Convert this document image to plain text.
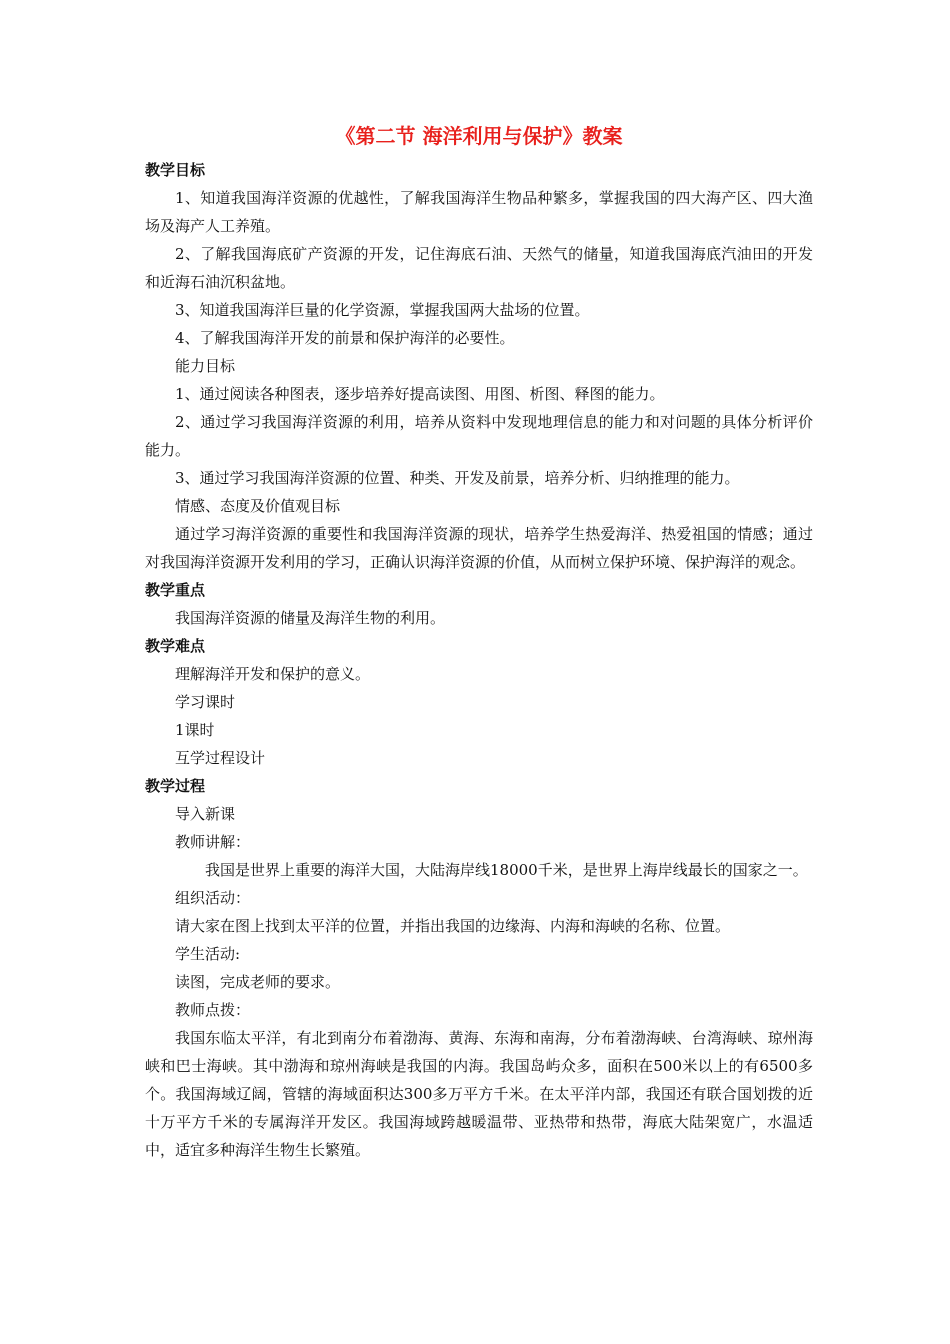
《第二节 海洋利用与保护》教案

教学目标

1、知道我国海洋资源的优越性，了解我国海洋生物品种繁多，掌握我国的四大海产区、四大渔场及海产人工养殖。

2、了解我国海底矿产资源的开发，记住海底石油、天然气的储量，知道我国海底汽油田的开发和近海石油沉积盆地。

3、知道我国海洋巨量的化学资源，掌握我国两大盐场的位置。

4、了解我国海洋开发的前景和保护海洋的必要性。

能力目标

1、通过阅读各种图表，逐步培养好提高读图、用图、析图、释图的能力。

2、通过学习我国海洋资源的利用，培养从资料中发现地理信息的能力和对问题的具体分析评价能力。

3、通过学习我国海洋资源的位置、种类、开发及前景，培养分析、归纳推理的能力。

情感、态度及价值观目标

通过学习海洋资源的重要性和我国海洋资源的现状，培养学生热爱海洋、热爱祖国的情感；通过对我国海洋资源开发利用的学习，正确认识海洋资源的价值，从而树立保护环境、保护海洋的观念。

教学重点

我国海洋资源的储量及海洋生物的利用。

教学难点

理解海洋开发和保护的意义。

学习课时

1课时

互学过程设计

教学过程

导入新课

教师讲解：

我国是世界上重要的海洋大国，大陆海岸线18000千米，是世界上海岸线最长的国家之一。

组织活动：

请大家在图上找到太平洋的位置，并指出我国的边缘海、内海和海峡的名称、位置。

学生活动:

读图，完成老师的要求。

教师点拨：

我国东临太平洋，有北到南分布着渤海、黄海、东海和南海，分布着渤海峡、台湾海峡、琼州海峡和巴士海峡。其中渤海和琼州海峡是我国的内海。我国岛屿众多，面积在500米以上的有6500多个。我国海域辽阔，管辖的海域面积达300多万平方千米。在太平洋内部，我国还有联合国划拨的近十万平方千米的专属海洋开发区。我国海域跨越暖温带、亚热带和热带，海底大陆架宽广，水温适中，适宜多种海洋生物生长繁殖。
